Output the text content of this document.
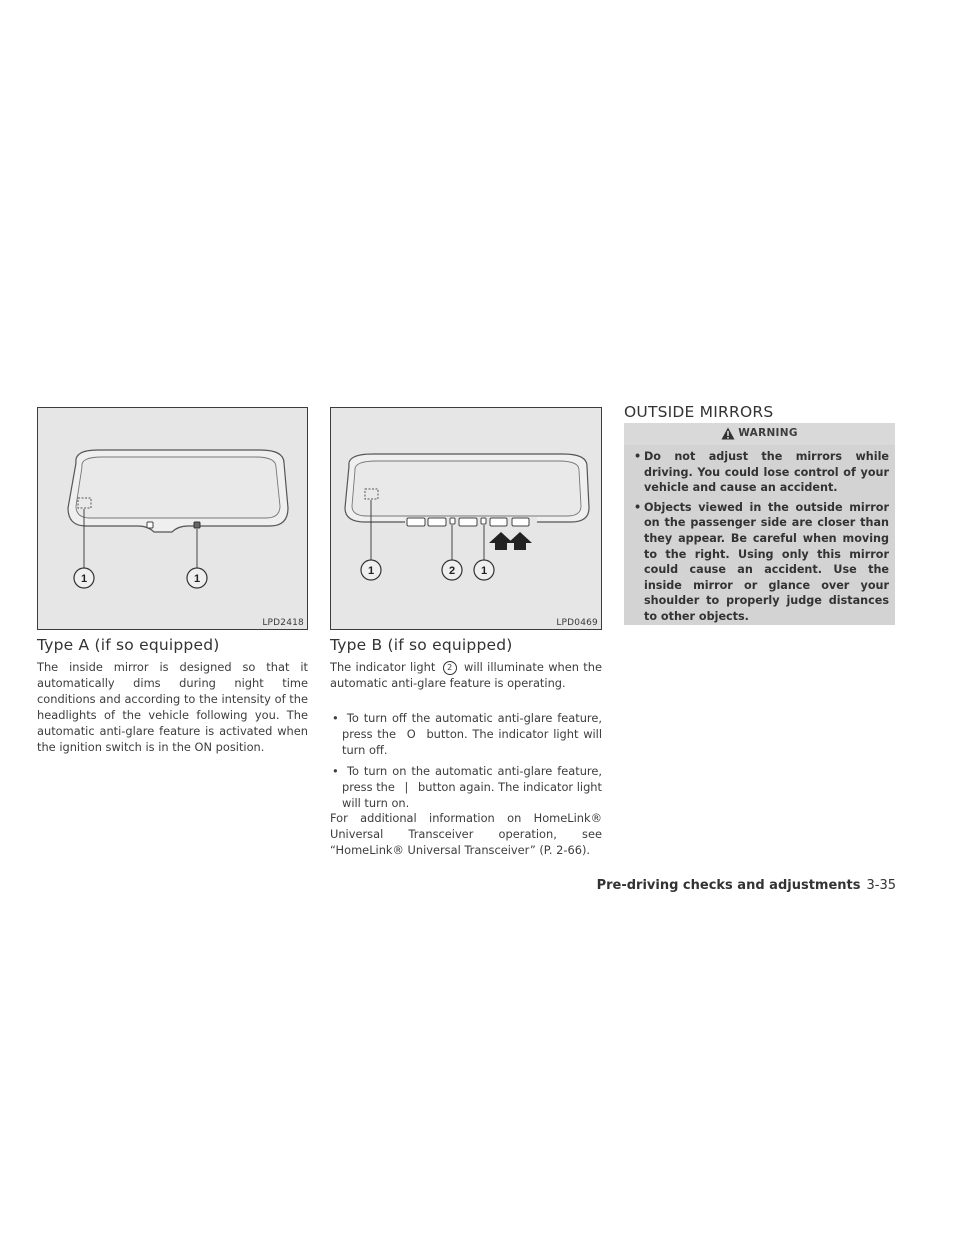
1	1
LPD2418
1	2 1
LPD0469
Type A (if so equipped)

The inside mirror is designed so that it automatically dims during night time conditions and according to the intensity of the headlights of the vehicle following you. The automatic anti-glare feature is activated when the ignition switch is in the ON position.

Type B (if so equipped)

The indicator light 2 will illuminate when the automatic anti-glare feature is operating.

• To turn off the automatic anti-glare feature, press the O button. The indicator light will turn off.
• To turn on the automatic anti-glare feature, press the | button again. The indicator light will turn on.

For additional information on HomeLink® Universal Transceiver operation, see “HomeLink® Universal Transceiver” (P. 2-66).

OUTSIDE MIRRORS
WARNING
• Do not adjust the mirrors while driving. You could lose control of your vehicle and cause an accident.
• Objects viewed in the outside mirror on the passenger side are closer than they appear. Be careful when moving to the right. Using only this mirror could cause an accident. Use the inside mirror or glance over your shoulder to properly judge distances to other objects.
Pre-driving checks and adjustments 3-35
